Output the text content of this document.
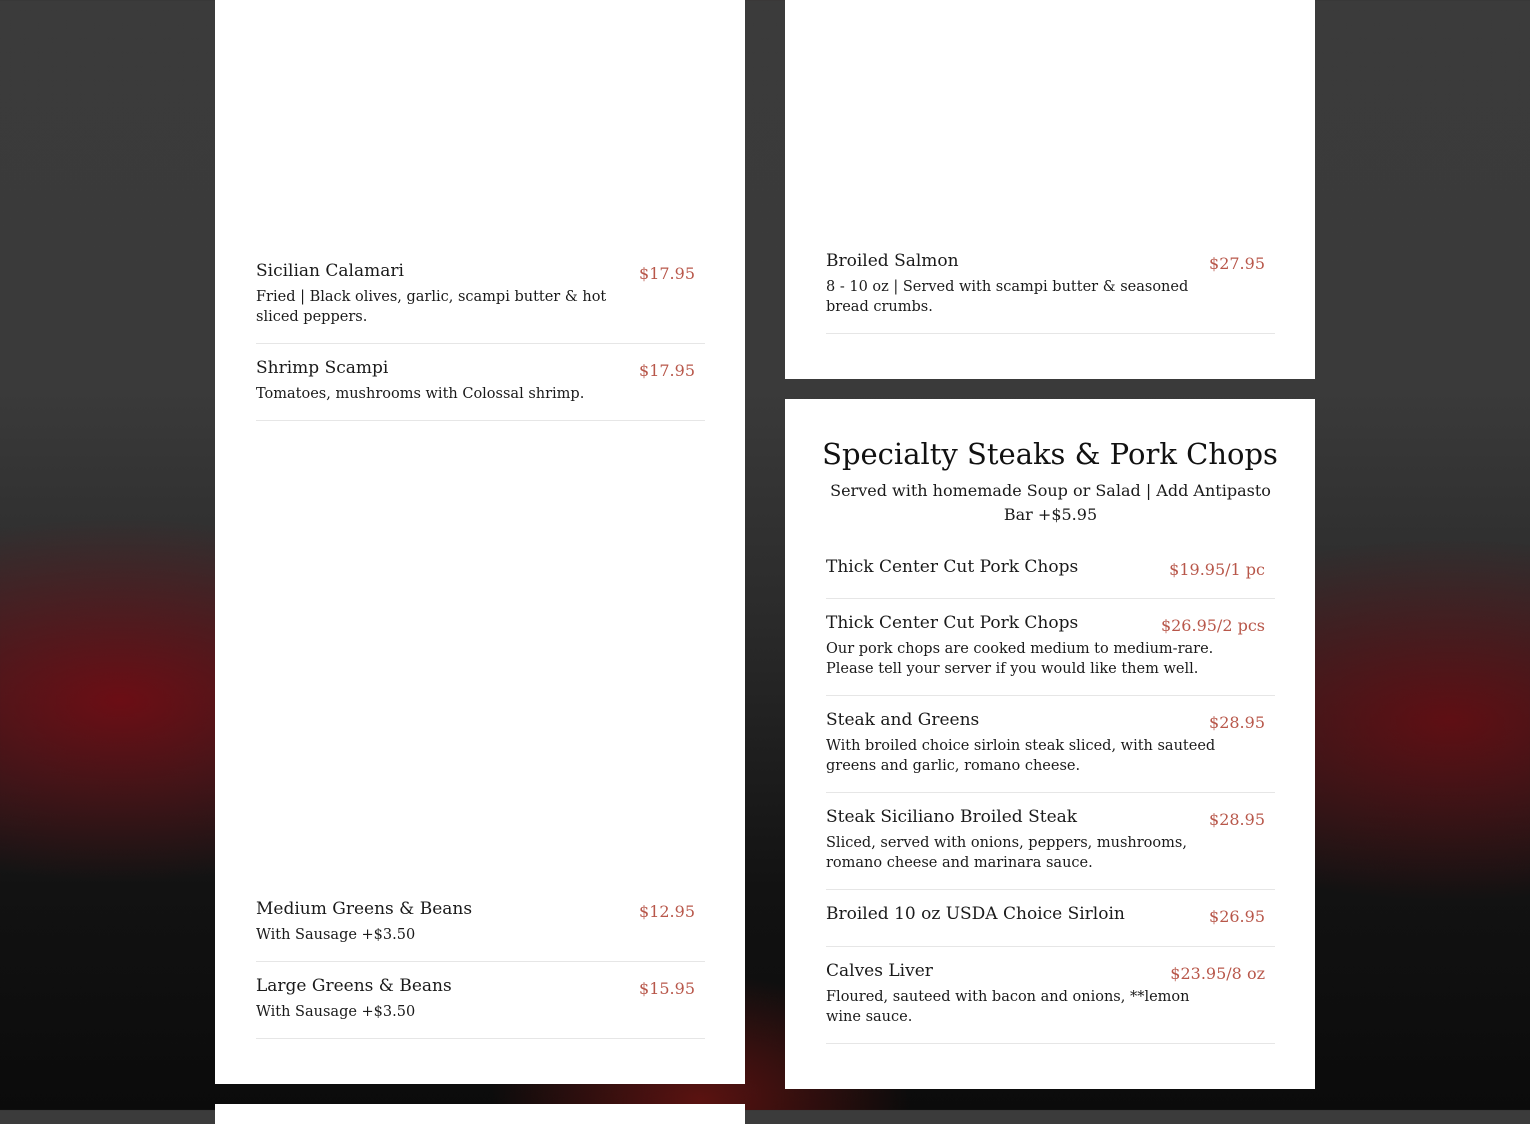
Sicilian Calamari	$17.95
Fried | Black olives, garlic, scampi butter & hot sliced peppers.
Shrimp Scampi	$17.95
Tomatoes, mushrooms with Colossal shrimp.
Medium Greens & Beans	$12.95
With Sausage +$3.50
Large Greens & Beans	$15.95
With Sausage +$3.50
Broiled Salmon	$27.95
8 - 10 oz | Served with scampi butter & seasoned bread crumbs.
Specialty Steaks & Pork Chops
Served with homemade Soup or Salad | Add Antipasto Bar +$5.95
Thick Center Cut Pork Chops	$19.95/1 pc
Thick Center Cut Pork Chops	$26.95/2 pcs
Our pork chops are cooked medium to medium-rare. Please tell your server if you would like them well.
Steak and Greens	$28.95
With broiled choice sirloin steak sliced, with sauteed greens and garlic, romano cheese.
Steak Siciliano Broiled Steak	$28.95
Sliced, served with onions, peppers, mushrooms, romano cheese and marinara sauce.
Broiled 10 oz USDA Choice Sirloin	$26.95
Calves Liver	$23.95/8 oz
Floured, sauteed with bacon and onions, **lemon wine sauce.
